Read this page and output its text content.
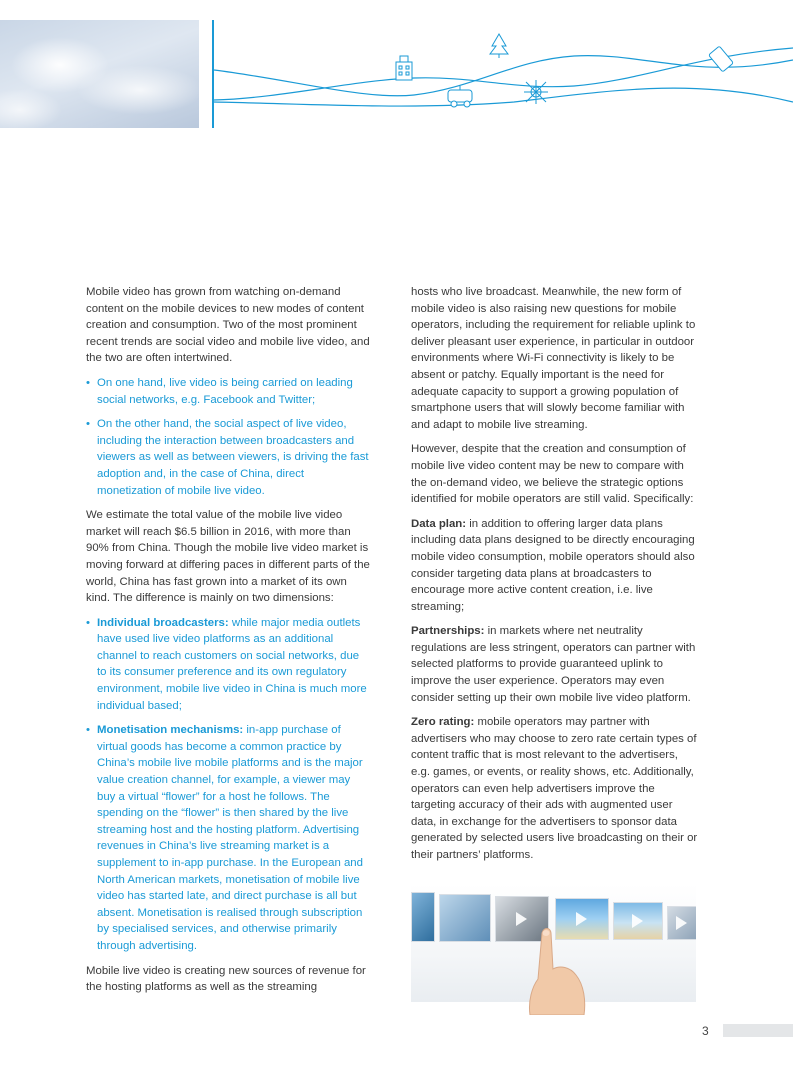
Mobile video has grown from watching on-demand content on the mobile devices to new modes of content creation and consumption. Two of the most prominent recent trends are social video and mobile live video, and the two are often intertwined.

• On one hand, live video is being carried on leading social networks, e.g. Facebook and Twitter;
• On the other hand, the social aspect of live video, including the interaction between broadcasters and viewers as well as between viewers, is driving the fast adoption and, in the case of China, direct monetization of mobile live video.

We estimate the total value of the mobile live video market will reach $6.5 billion in 2016, with more than 90% from China. Though the mobile live video market is moving forward at differing paces in different parts of the world, China has fast grown into a market of its own kind. The difference is mainly on two dimensions:

• Individual broadcasters: while major media outlets have used live video platforms as an additional channel to reach customers on social networks, due to its consumer preference and its own regulatory environment, mobile live video in China is much more individual based;
• Monetisation mechanisms: in-app purchase of virtual goods has become a common practice by China’s mobile live mobile platforms and is the major value creation channel, for example, a viewer may buy a virtual “flower” for a host he follows. The spending on the “flower” is then shared by the live streaming host and the hosting platform. Advertising revenues in China’s live streaming market is a supplement to in-app purchase. In the European and North American markets, monetisation of mobile live video has started late, and direct purchase is all but absent. Monetisation is realised through subscription by specialised services, and otherwise primarily through advertising.

Mobile live video is creating new sources of revenue for the hosting platforms as well as the streaming

hosts who live broadcast. Meanwhile, the new form of mobile video is also raising new questions for mobile operators, including the requirement for reliable uplink to deliver pleasant user experience, in particular in outdoor environments where Wi-Fi connectivity is likely to be absent or patchy. Equally important is the need for adequate capacity to support a growing population of smartphone users that will slowly become familiar with and adapt to mobile live streaming.

However, despite that the creation and consumption of mobile live video content may be new to compare with the on-demand video, we believe the strategic options identified for mobile operators are still valid. Specifically:

Data plan: in addition to offering larger data plans including data plans designed to be directly encouraging mobile video consumption, mobile operators should also consider targeting data plans at broadcasters to encourage more active content creation, i.e. live streaming;

Partnerships: in markets where net neutrality regulations are less stringent, operators can partner with selected platforms to provide guaranteed uplink to improve the user experience. Operators may even consider setting up their own mobile live video platform.

Zero rating: mobile operators may partner with advertisers who may choose to zero rate certain types of content traffic that is most relevant to the advertisers, e.g. games, or events, or reality shows, etc. Additionally, operators can even help advertisers improve the targeting accuracy of their ads with augmented user data, in exchange for the advertisers to sponsor data generated by selected users live broadcasting on their or their partners’ platforms.

3
